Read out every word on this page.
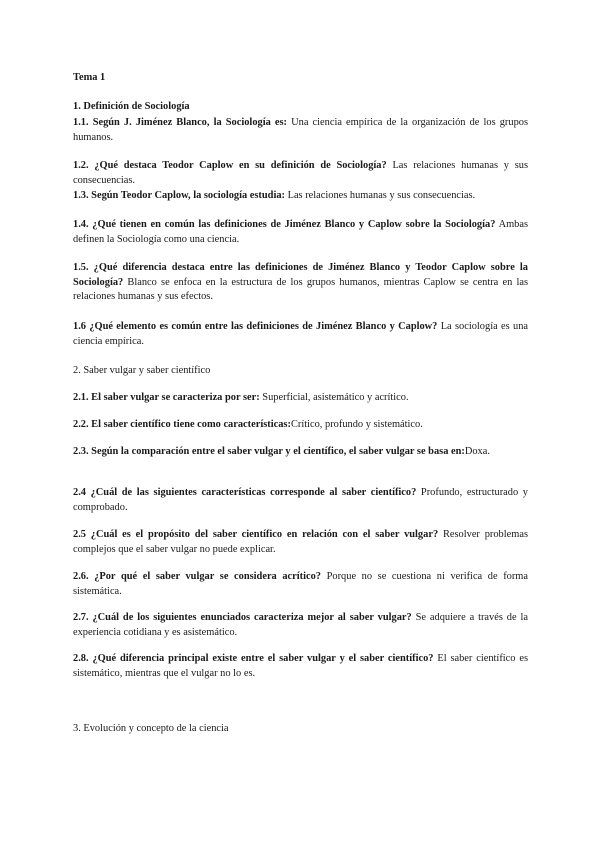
Tema 1

1. Definición de Sociología

1.1. Según J. Jiménez Blanco, la Sociología es: Una ciencia empírica de la organización de los grupos humanos.

1.2. ¿Qué destaca Teodor Caplow en su definición de Sociología? Las relaciones humanas y sus consecuencias.

1.3. Según Teodor Caplow, la sociología estudia: Las relaciones humanas y sus consecuencias.

1.4. ¿Qué tienen en común las definiciones de Jiménez Blanco y Caplow sobre la Sociología? Ambas definen la Sociología como una ciencia.

1.5. ¿Qué diferencia destaca entre las definiciones de Jiménez Blanco y Teodor Caplow sobre la Sociología? Blanco se enfoca en la estructura de los grupos humanos, mientras Caplow se centra en las relaciones humanas y sus efectos.

1.6 ¿Qué elemento es común entre las definiciones de Jiménez Blanco y Caplow? La sociología es una ciencia empírica.

2. Saber vulgar y saber científico

2.1. El saber vulgar se caracteriza por ser: Superficial, asistemático y acrítico.

2.2. El saber científico tiene como características:Crítico, profundo y sistemático.

2.3. Según la comparación entre el saber vulgar y el científico, el saber vulgar se basa en:Doxa.

2.4 ¿Cuál de las siguientes características corresponde al saber científico? Profundo, estructurado y comprobado.

2.5 ¿Cuál es el propósito del saber científico en relación con el saber vulgar? Resolver problemas complejos que el saber vulgar no puede explicar.

2.6. ¿Por qué el saber vulgar se considera acrítico? Porque no se cuestiona ni verifica de forma sistemática.

2.7. ¿Cuál de los siguientes enunciados caracteriza mejor al saber vulgar? Se adquiere a través de la experiencia cotidiana y es asistemático.

2.8. ¿Qué diferencia principal existe entre el saber vulgar y el saber científico? El saber científico es sistemático, mientras que el vulgar no lo es.

3. Evolución y concepto de la ciencia
